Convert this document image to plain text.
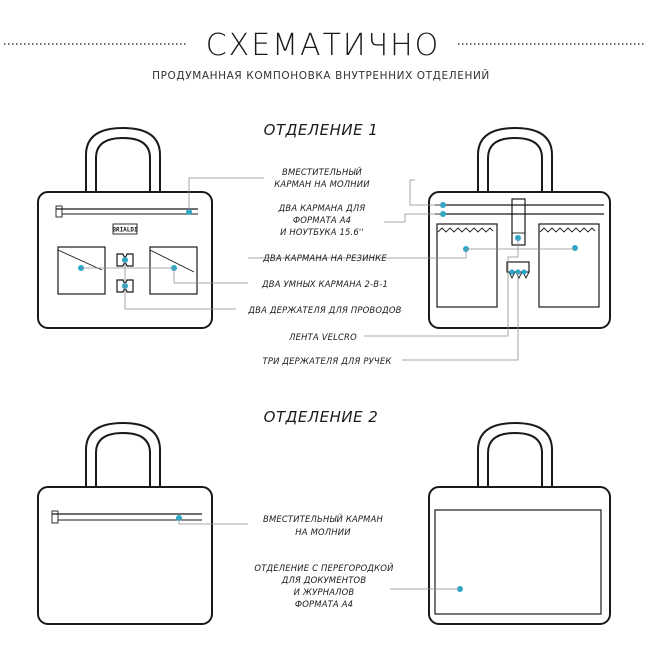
СХЕМАТИЧНО
ПРОДУМАННАЯ КОМПОНОВКА ВНУТРЕННИХ ОТДЕЛЕНИЙ
ОТДЕЛЕНИЕ 1
BRIALDI
ВМЕСТИТЕЛЬНЫЙ
КАРМАН НА МОЛНИИ
ДВА КАРМАНА ДЛЯ
ФОРМАТА А4
И НОУТБУКА 15.6''
ДВА КАРМАНА НА РЕЗИНКЕ
ДВА УМНЫХ КАРМАНА 2-В-1
ДВА ДЕРЖАТЕЛЯ ДЛЯ ПРОВОДОВ
ЛЕНТА VELCRO
ТРИ ДЕРЖАТЕЛЯ ДЛЯ РУЧЕК
ОТДЕЛЕНИЕ 2
ВМЕСТИТЕЛЬНЫЙ КАРМАН
НА МОЛНИИ
ОТДЕЛЕНИЕ С ПЕРЕГОРОДКОЙ
ДЛЯ ДОКУМЕНТОВ
И ЖУРНАЛОВ
ФОРМАТА А4
